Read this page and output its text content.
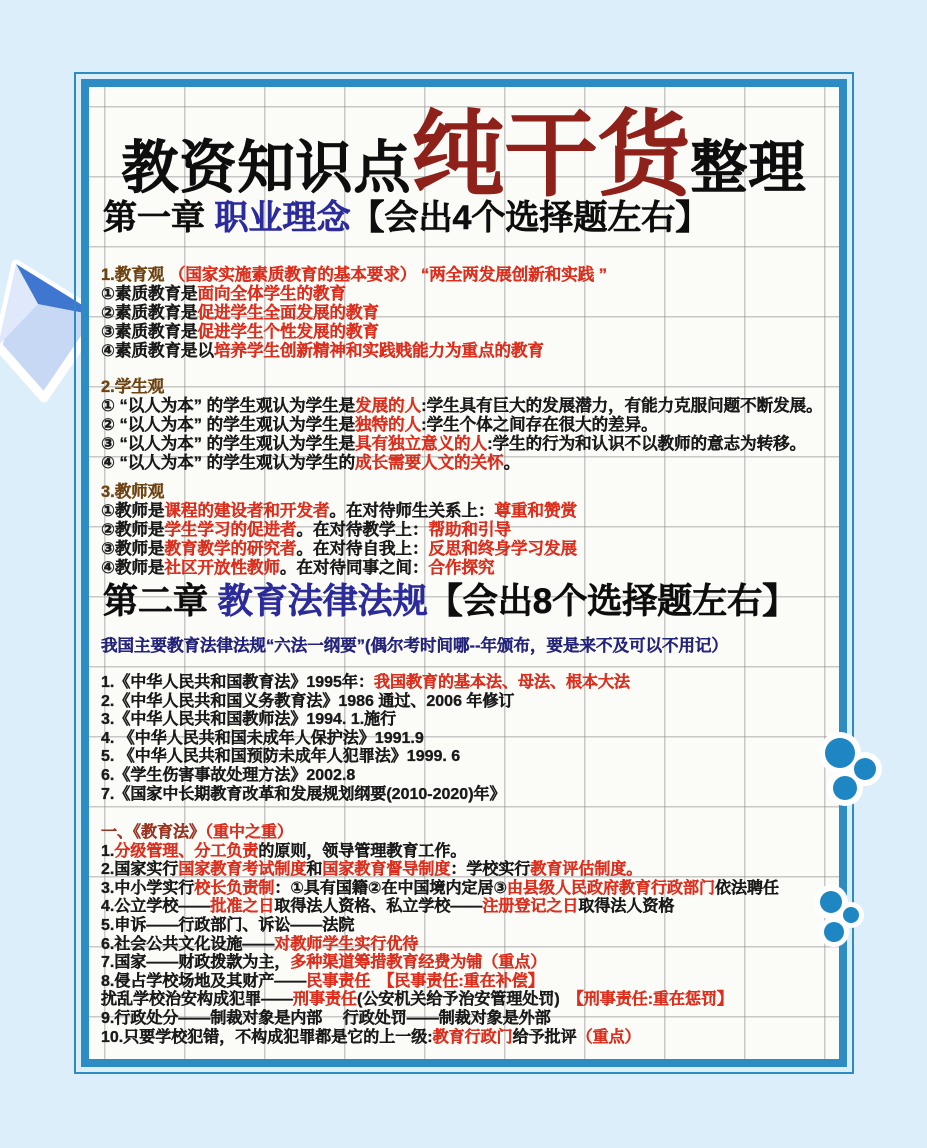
教资知识点 纯干货 整理
第一章 职业理念【会出4个选择题左右】
1.教育观 （国家实施素质教育的基本要求） “两全两发展创新和实践 ”
①素质教育是面向全体学生的教育
②素质教育是促进学生全面发展的教育
③素质教育是促进学生个性发展的教育
④素质教育是以培养学生创新精神和实践贱能力为重点的教育
2.学生观
① “以人为本” 的学生观认为学生是发展的人:学生具有巨大的发展潜力，有能力克服问题不断发展。
② “以人为本” 的学生观认为学生是独特的人:学生个体之间存在很大的差异。
③ “以人为本” 的学生观认为学生是具有独立意义的人:学生的行为和认识不以教师的意志为转移。
④ “以人为本” 的学生观认为学生的成长需要人文的关怀。
3.教师观
①教师是课程的建设者和开发者。在对待师生关系上：尊重和赞赏
②教师是学生学习的促进者。在对待教学上：帮助和引导
③教师是教育教学的研究者。在对待自我上：反思和终身学习发展
④教师是社区开放性教师。在对待同事之间：合作探究
第二章 教育法律法规【会出8个选择题左右】
我国主要教育法律法规“六法一纲要”(偶尔考时间哪--年颁布，要是来不及可以不用记）
1.《中华人民共和国教育法》1995年：我国教育的基本法、母法、根本大法
2.《中华人民共和国义务教育法》1986 通过、2006 年修订
3.《中华人民共和国教师法》1994. 1.施行
4. 《中华人民共和国未成年人保护法》1991.9
5. 《中华人民共和国预防未成年人犯罪法》1999. 6
6.《学生伤害事故处理方法》2002.8
7.《国家中长期教育改革和发展规划纲要(2010-2020)年》
一、《教育法》（重中之重）
1.分级管理、分工负责的原则，领导管理教育工作。
2.国家实行国家教育考试制度和国家教育督导制度：学校实行教育评估制度。
3.中小学实行校长负责制：①具有国籍②在中国境内定居③由县级人民政府教育行政部门依法聘任
4.公立学校——批准之日取得法人资格、私立学校——注册登记之日取得法人资格
5.申诉——行政部门、诉讼——法院
6.社会公共文化设施——对教师学生实行优待
7.国家——财政拨款为主，多种渠道筹措教育经费为铺（重点）
8.侵占学校场地及其财产——民事责任　【民事责任:重在补偿】
扰乱学校治安构成犯罪——刑事责任(公安机关给予治安管理处罚)　【刑事责任:重在惩罚】
9.行政处分——制裁对象是内部　 行政处罚——制裁对象是外部
10.只要学校犯错，不构成犯罪都是它的上一级:教育行政门给予批评（重点）
